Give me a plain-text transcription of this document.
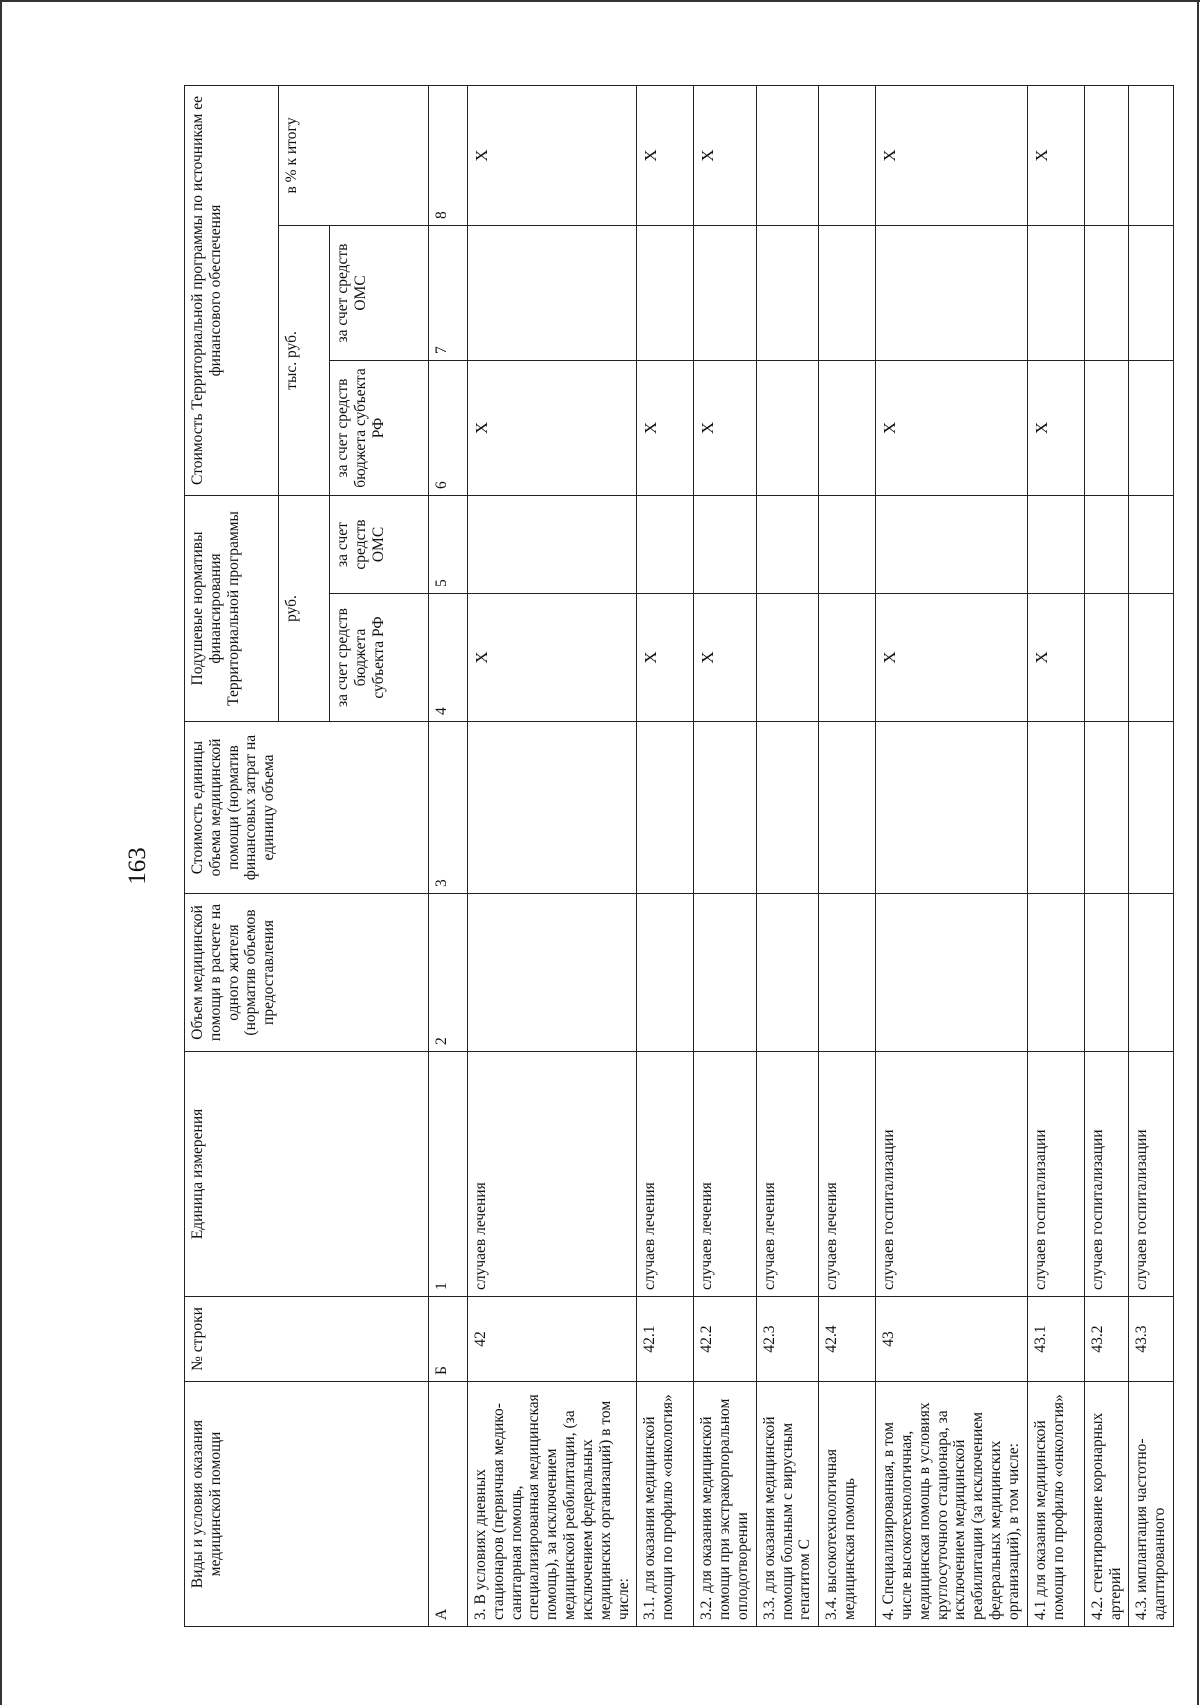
163
Виды и условия оказания медицинской помощи	№ строки	Единица измерения	Объем медицинской помощи в расчете на одного жителя (норматив объемов предоставления	Стоимость единицы объема медицинской помощи (норматив финансовых затрат на единицу объема	Подушевые нормативы финансирования Территориальной программы		Стоимость Территориальной программы по источникам ее финансового обеспечения		
					руб.		тыс. руб.		в % к итогу
					за счет средств бюджета субъекта РФ	за счет средств ОМС	за счет средств бюджета субъекта РФ	за счет средств ОМС	
А	Б	1	2	3	4	5	6	7	8
3. В условиях дневных стационаров (первичная медико-санитарная помощь, специализированная медицинская помощь), за исключением медицинской реабилитации, (за исключением федеральных медицинских организаций) в том числе:	42	случаев лечения			X		X		X
3.1. для оказания медицинской помощи по профилю «онкология»	42.1	случаев лечения			X		X		X
3.2. для оказания медицинской помощи при экстракорпоральном оплодотворении	42.2	случаев лечения			X		X		X
3.3. для оказания медицинской помощи больным с вирусным гепатитом С	42.3	случаев лечения							
3.4. высокотехнологичная медицинская помощь	42.4	случаев лечения							
4. Специализированная, в том числе высокотехнологичная, медицинская помощь в условиях круглосуточного стационара, за исключением медицинской реабилитации (за исключением федеральных медицинских организаций), в том числе:	43	случаев госпитализации			X		X		X
4.1 для оказания медицинской помощи по профилю «онкология»	43.1	случаев госпитализации			X		X		X
4.2. стентирование коронарных артерий	43.2	случаев госпитализации							
4.3. имплантация частотно-адаптированного	43.3	случаев госпитализации							
